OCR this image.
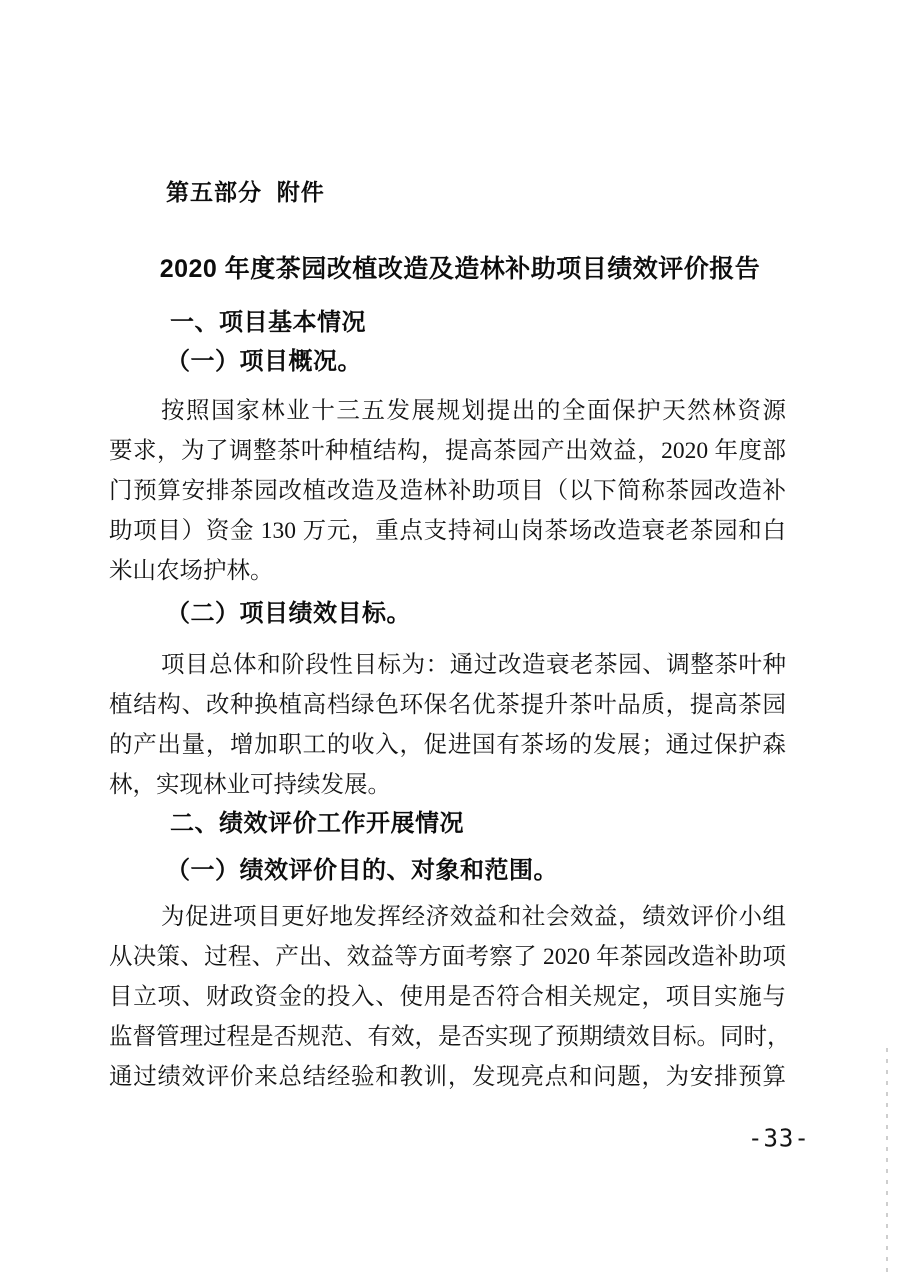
第五部分  附件
2020 年度茶园改植改造及造林补助项目绩效评价报告
一、项目基本情况
（一）项目概况。
按照国家林业十三五发展规划提出的全面保护天然林资源
要求，为了调整茶叶种植结构，提高茶园产出效益，2020 年度部
门预算安排茶园改植改造及造林补助项目（以下简称茶园改造补
助项目）资金 130 万元，重点支持祠山岗茶场改造衰老茶园和白
米山农场护林。
（二）项目绩效目标。
项目总体和阶段性目标为：通过改造衰老茶园、调整茶叶种
植结构、改种换植高档绿色环保名优茶提升茶叶品质，提高茶园
的产出量，增加职工的收入，促进国有茶场的发展；通过保护森
林，实现林业可持续发展。
二、绩效评价工作开展情况
（一）绩效评价目的、对象和范围。
为促进项目更好地发挥经济效益和社会效益，绩效评价小组
从决策、过程、产出、效益等方面考察了 2020 年茶园改造补助项
目立项、财政资金的投入、使用是否符合相关规定，项目实施与
监督管理过程是否规范、有效，是否实现了预期绩效目标。同时，
通过绩效评价来总结经验和教训，发现亮点和问题，为安排预算
-33-
